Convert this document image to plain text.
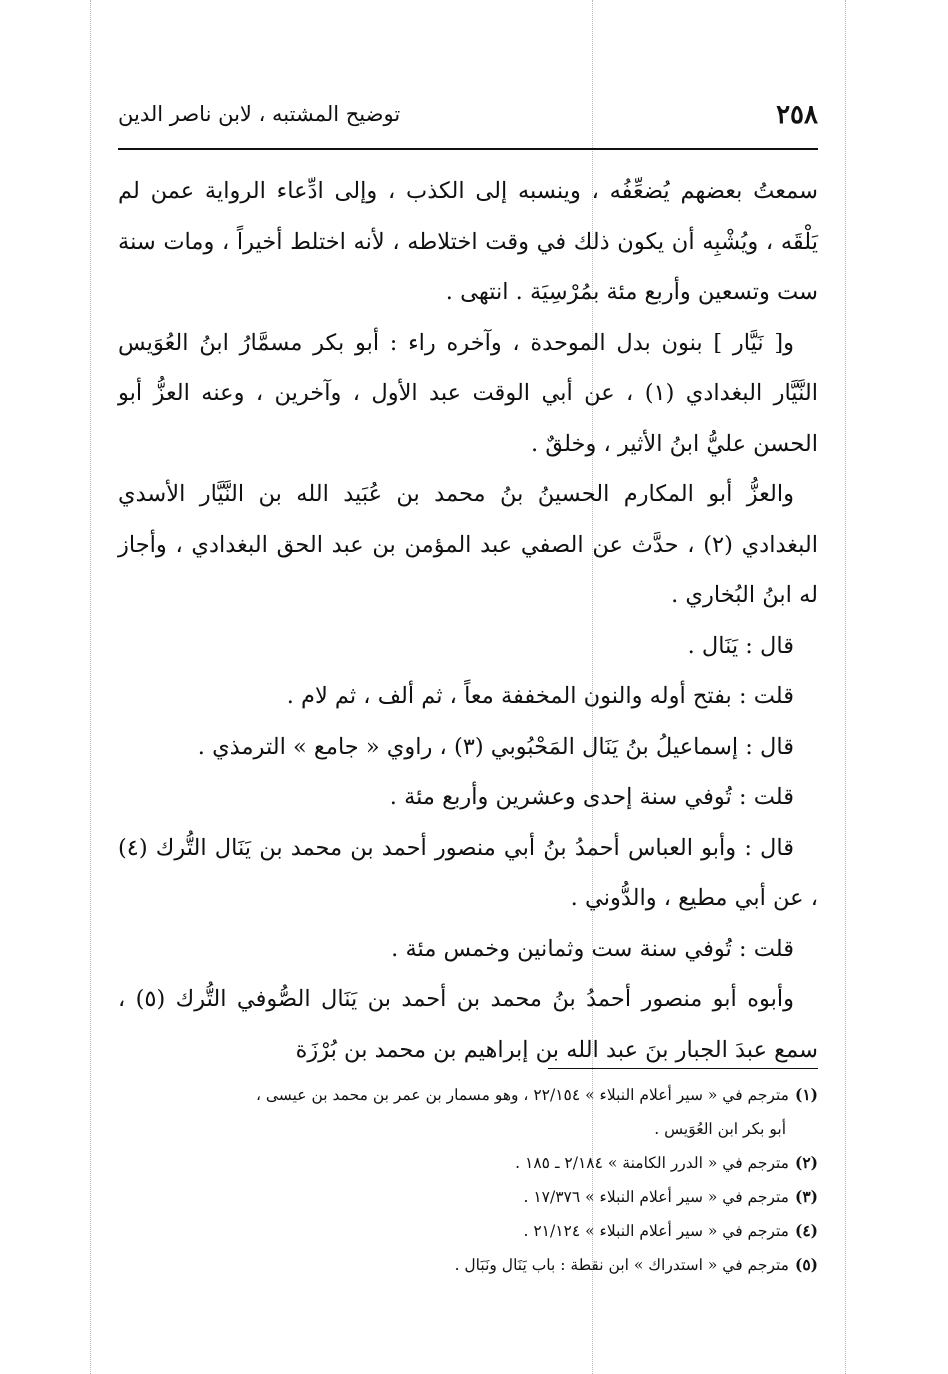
٢٥٨
توضيح المشتبه ، لابن ناصر الدين

سمعتُ بعضهم يُضعِّفُه ، وينسبه إلى الكذب ، وإلى ادِّعاء الرواية عمن لم يَلْقَه ، ويُشْبِه أن يكون ذلك في وقت اختلاطه ، لأنه اختلط أخيراً ، ومات سنة ست وتسعين وأربع مئة بمُرْسِيَة . انتهى .

و[ نَيَّار ] بنون بدل الموحدة ، وآخره راء : أبو بكر مسمَّارُ ابنُ العُوَيس النَّيَّار البغدادي (١) ، عن أبي الوقت عبد الأول ، وآخرين ، وعنه العزُّ أبو الحسن عليُّ ابنُ الأثير ، وخلقٌ .

والعزُّ أبو المكارم الحسينُ بنُ محمد بن عُبَيد الله بن النَّيَّار الأسدي البغدادي (٢) ، حدَّث عن الصفي عبد المؤمن بن عبد الحق البغدادي ، وأجاز له ابنُ البُخاري .

قال : يَنَال .

قلت : بفتح أوله والنون المخففة معاً ، ثم ألف ، ثم لام .

قال : إسماعيلُ بنُ يَنَال المَحْبُوبي (٣) ، راوي « جامع » الترمذي .

قلت : تُوفي سنة إحدى وعشرين وأربع مئة .

قال : وأبو العباس أحمدُ بنُ أبي منصور أحمد بن محمد بن يَنَال التُّرك (٤) ، عن أبي مطيع ، والدُّوني .

قلت : تُوفي سنة ست وثمانين وخمس مئة .

وأبوه أبو منصور أحمدُ بنُ محمد بن أحمد بن يَنَال الصُّوفي التُّرك (٥) ، سمع عبدَ الجبار بنَ عبد الله بن إبراهيم بن محمد بن بُرْزَة

(١)مترجم في « سير أعلام النبلاء » ٢٢/١٥٤ ، وهو مسمار بن عمر بن محمد بن عيسى ،

أبو بكر ابن العُوَيس .

(٢)مترجم في « الدرر الكامنة » ٢/١٨٤ ـ ١٨٥ .

(٣)مترجم في « سير أعلام النبلاء » ١٧/٣٧٦ .

(٤)مترجم في « سير أعلام النبلاء » ٢١/١٢٤ .

(٥)مترجم في « استدراك » ابن نقطة : باب يَنَال ونَبَال .
